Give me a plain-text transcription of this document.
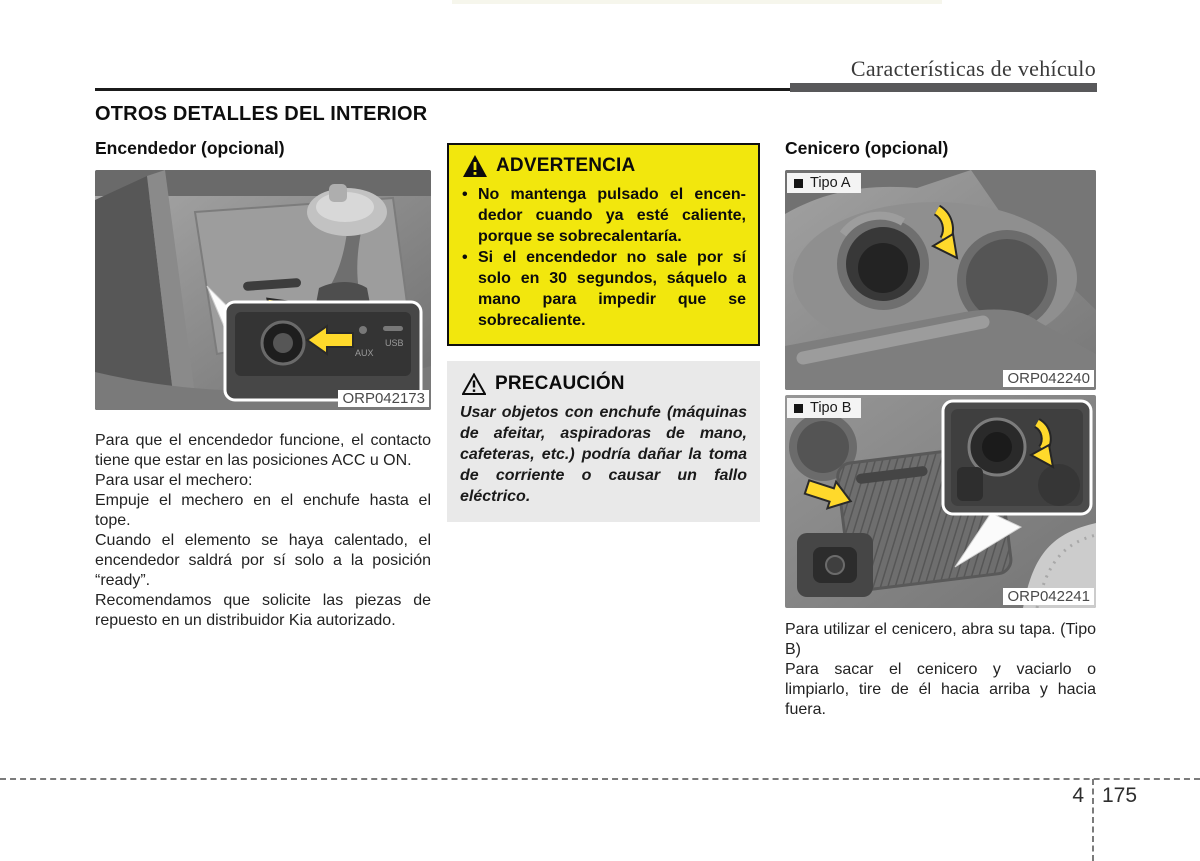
Características de vehículo
OTROS DETALLES DEL INTERIOR
Encendedor (opcional)
AUX
USB
ORP042173

Para que el encendedor funcione, el contacto tiene que estar en las posiciones ACC u ON.

Para usar el mechero:

Empuje el mechero en el enchufe hasta el tope.

Cuando el elemento se haya calentado, el encendedor saldrá por sí solo a la posición “ready”.

Recomendamos que solicite las piezas de repuesto en un distribuidor Kia autorizado.

ADVERTENCIA
• No mantenga pulsado el encendedor cuando ya esté caliente, porque se sobrecalentaría.
• Si el encendedor no sale por sí solo en 30 segundos, sáquelo a mano para impedir que se sobrecaliente.
PRECAUCIÓN

Usar objetos con enchufe (máquinas de afeitar, aspiradoras de mano, cafeteras, etc.) podría dañar la toma de corriente o causar un fallo eléctrico.

Cenicero (opcional)
Tipo A
ORP042240
Tipo B
ORP042241

Para utilizar el cenicero, abra su tapa. (Tipo B)

Para sacar el cenicero y vaciarlo o limpiarlo, tire de él hacia arriba y hacia fuera.

4 175
